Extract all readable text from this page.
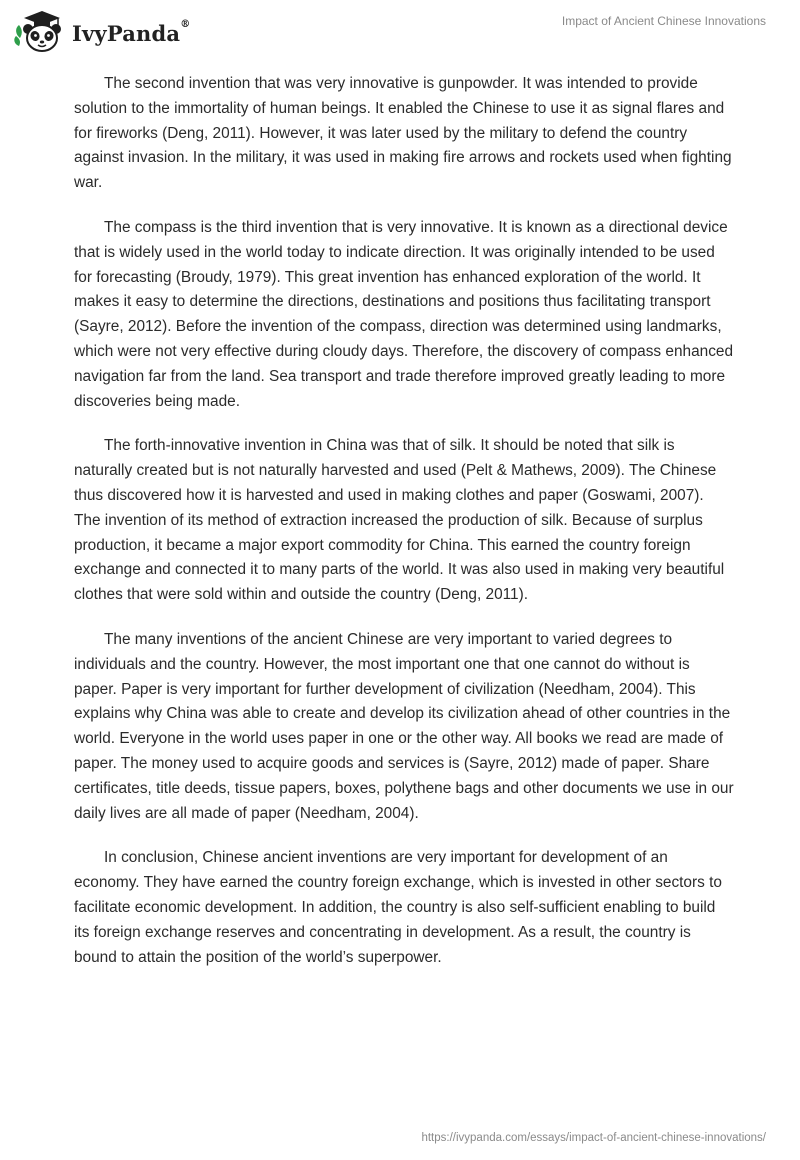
IvyPanda®	Impact of Ancient Chinese Innovations

The second invention that was very innovative is gunpowder. It was intended to provide solution to the immortality of human beings. It enabled the Chinese to use it as signal flares and for fireworks (Deng, 2011). However, it was later used by the military to defend the country against invasion. In the military, it was used in making fire arrows and rockets used when fighting war.

The compass is the third invention that is very innovative. It is known as a directional device that is widely used in the world today to indicate direction. It was originally intended to be used for forecasting (Broudy, 1979). This great invention has enhanced exploration of the world. It makes it easy to determine the directions, destinations and positions thus facilitating transport (Sayre, 2012). Before the invention of the compass, direction was determined using landmarks, which were not very effective during cloudy days. Therefore, the discovery of compass enhanced navigation far from the land. Sea transport and trade therefore improved greatly leading to more discoveries being made.

The forth-innovative invention in China was that of silk. It should be noted that silk is naturally created but is not naturally harvested and used (Pelt & Mathews, 2009). The Chinese thus discovered how it is harvested and used in making clothes and paper (Goswami, 2007). The invention of its method of extraction increased the production of silk. Because of surplus production, it became a major export commodity for China. This earned the country foreign exchange and connected it to many parts of the world. It was also used in making very beautiful clothes that were sold within and outside the country (Deng, 2011).

The many inventions of the ancient Chinese are very important to varied degrees to individuals and the country. However, the most important one that one cannot do without is paper. Paper is very important for further development of civilization (Needham, 2004). This explains why China was able to create and develop its civilization ahead of other countries in the world. Everyone in the world uses paper in one or the other way. All books we read are made of paper. The money used to acquire goods and services is (Sayre, 2012) made of paper. Share certificates, title deeds, tissue papers, boxes, polythene bags and other documents we use in our daily lives are all made of paper (Needham, 2004).

In conclusion, Chinese ancient inventions are very important for development of an economy. They have earned the country foreign exchange, which is invested in other sectors to facilitate economic development. In addition, the country is also self-sufficient enabling to build its foreign exchange reserves and concentrating in development. As a result, the country is bound to attain the position of the world’s superpower.

https://ivypanda.com/essays/impact-of-ancient-chinese-innovations/
